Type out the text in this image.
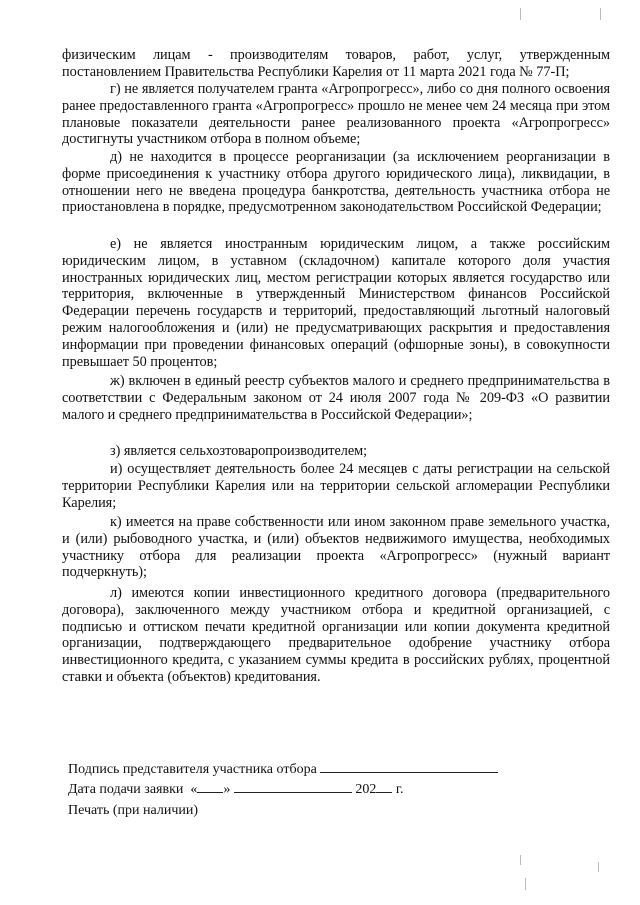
физическим лицам - производителям товаров, работ, услуг, утвержденным постановлением Правительства Республики Карелия от 11 марта 2021 года № 77-П;

г) не является получателем гранта «Агропрогресс», либо со дня полного освоения ранее предоставленного гранта «Агропрогресс» прошло не менее чем 24 месяца при этом плановые показатели деятельности ранее реализованного проекта «Агропрогресс» достигнуты участником отбора в полном объеме;

д) не находится в процессе реорганизации (за исключением реорганизации в форме присоединения к участнику отбора другого юридического лица), ликвидации, в отношении него не введена процедура банкротства, деятельность участника отбора не приостановлена в порядке, предусмотренном законодательством Российской Федерации;

е) не является иностранным юридическим лицом, а также российским юридическим лицом, в уставном (складочном) капитале которого доля участия иностранных юридических лиц, местом регистрации которых является государство или территория, включенные в утвержденный Министерством финансов Российской Федерации перечень государств и территорий, предоставляющий льготный налоговый режим налогообложения и (или) не предусматривающих раскрытия и предоставления информации при проведении финансовых операций (офшорные зоны), в совокупности превышает 50 процентов;

ж) включен в единый реестр субъектов малого и среднего предпринимательства в соответствии с Федеральным законом от 24 июля 2007 года № 209-ФЗ «О развитии малого и среднего предпринимательства в Российской Федерации»;

з) является сельхозтоваропроизводителем;

и) осуществляет деятельность более 24 месяцев с даты регистрации на сельской территории Республики Карелия или на территории сельской агломерации Республики Карелия;

к) имеется на праве собственности или ином законном праве земельного участка, и (или) рыбоводного участка, и (или) объектов недвижимого имущества, необходимых участнику отбора для реализации проекта «Агропрогресс» (нужный вариант подчеркнуть);

л) имеются копии инвестиционного кредитного договора (предварительного договора), заключенного между участником отбора и кредитной организацией, с подписью и оттиском печати кредитной организации или копии документа кредитной организации, подтверждающего предварительное одобрение участнику отбора инвестиционного кредита, с указанием суммы кредита в российских рублях, процентной ставки и объекта (объектов) кредитования.

Подпись представителя участника отбора
Дата подачи заявки « »	202 г.
Печать (при наличии)
